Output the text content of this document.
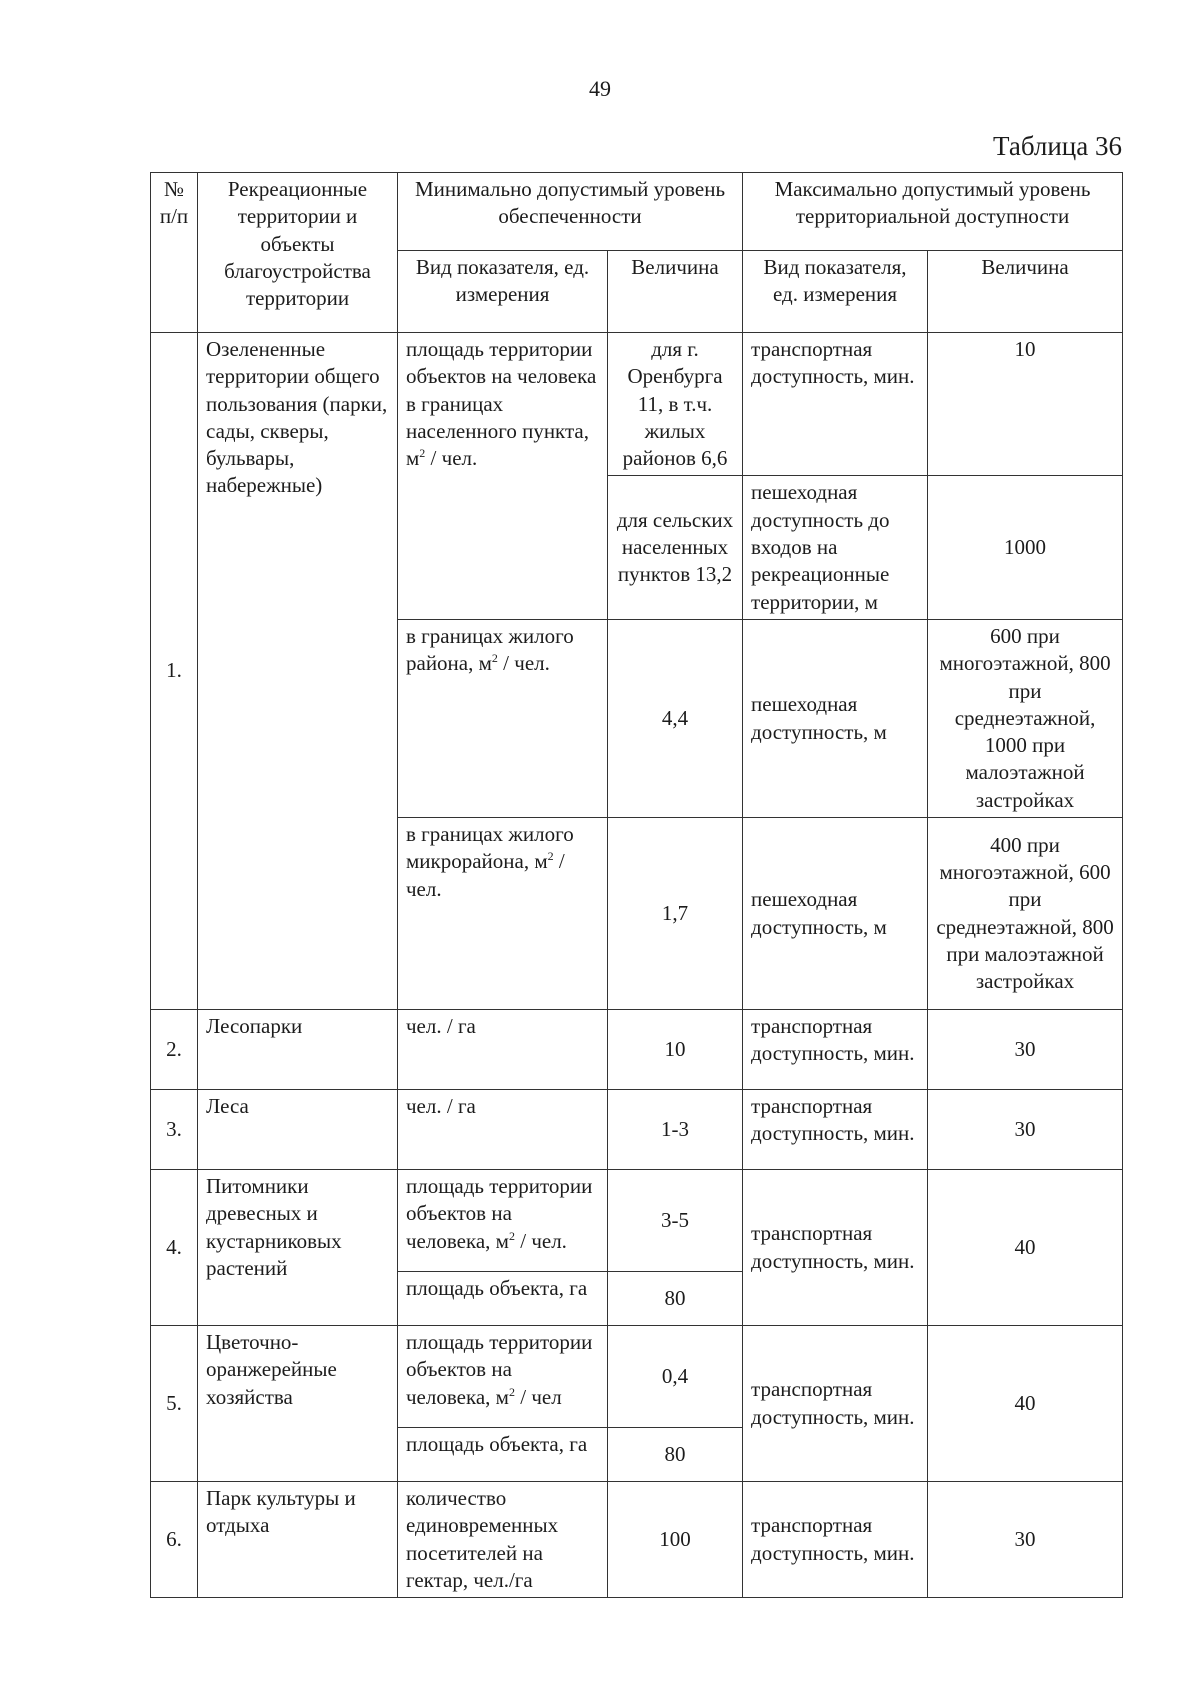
49
Таблица 36
№ п/п	Рекреационные территории и объекты благоустройства территории	Минимально допустимый уровень обеспеченности		Максимально допустимый уровень территориальной доступности	
		Вид показателя, ед. измерения	Величина	Вид показателя, ед. измерения	Величина
1.	Озелененные территории общего пользования (парки, сады, скверы, бульвары, набережные)	площадь территории объектов на человека в границах населенного пункта, $м^2$ / чел.	для г. Оренбурга 11, в т.ч. жилых районов 6,6	транспортная доступность, мин.	10
			для сельских населенных пунктов 13,2	пешеходная доступность до входов на рекреационные территории, м	1000
		в границах жилого района, $м^2$ / чел.	4,4	пешеходная доступность, м	600 при многоэтажной, 800 при среднеэтажной, 1000 при малоэтажной застройках
		в границах жилого микрорайона, $м^2$ / чел.	1,7	пешеходная доступность, м	400 при многоэтажной, 600 при среднеэтажной, 800 при малоэтажной застройках

2.	Лесопарки	чел. / га	10	транспортная доступность, мин.	30
3.	Леса	чел. / га	1-3	транспортная доступность, мин.	30
4.	Питомники древесных и кустарниковых растений	площадь территории объектов на человека, $м^2$ / чел.	3-5	транспортная доступность, мин.	40
		площадь объекта, га	80		
5.	Цветочно-оранжерейные хозяйства	площадь территории объектов на человека, $м^2$ / чел	0,4	транспортная доступность, мин.	40
		площадь объекта, га	80		
6.	Парк культуры и отдыха	количество единовременных посетителей на гектар, чел./га	100	транспортная доступность, мин.	30
